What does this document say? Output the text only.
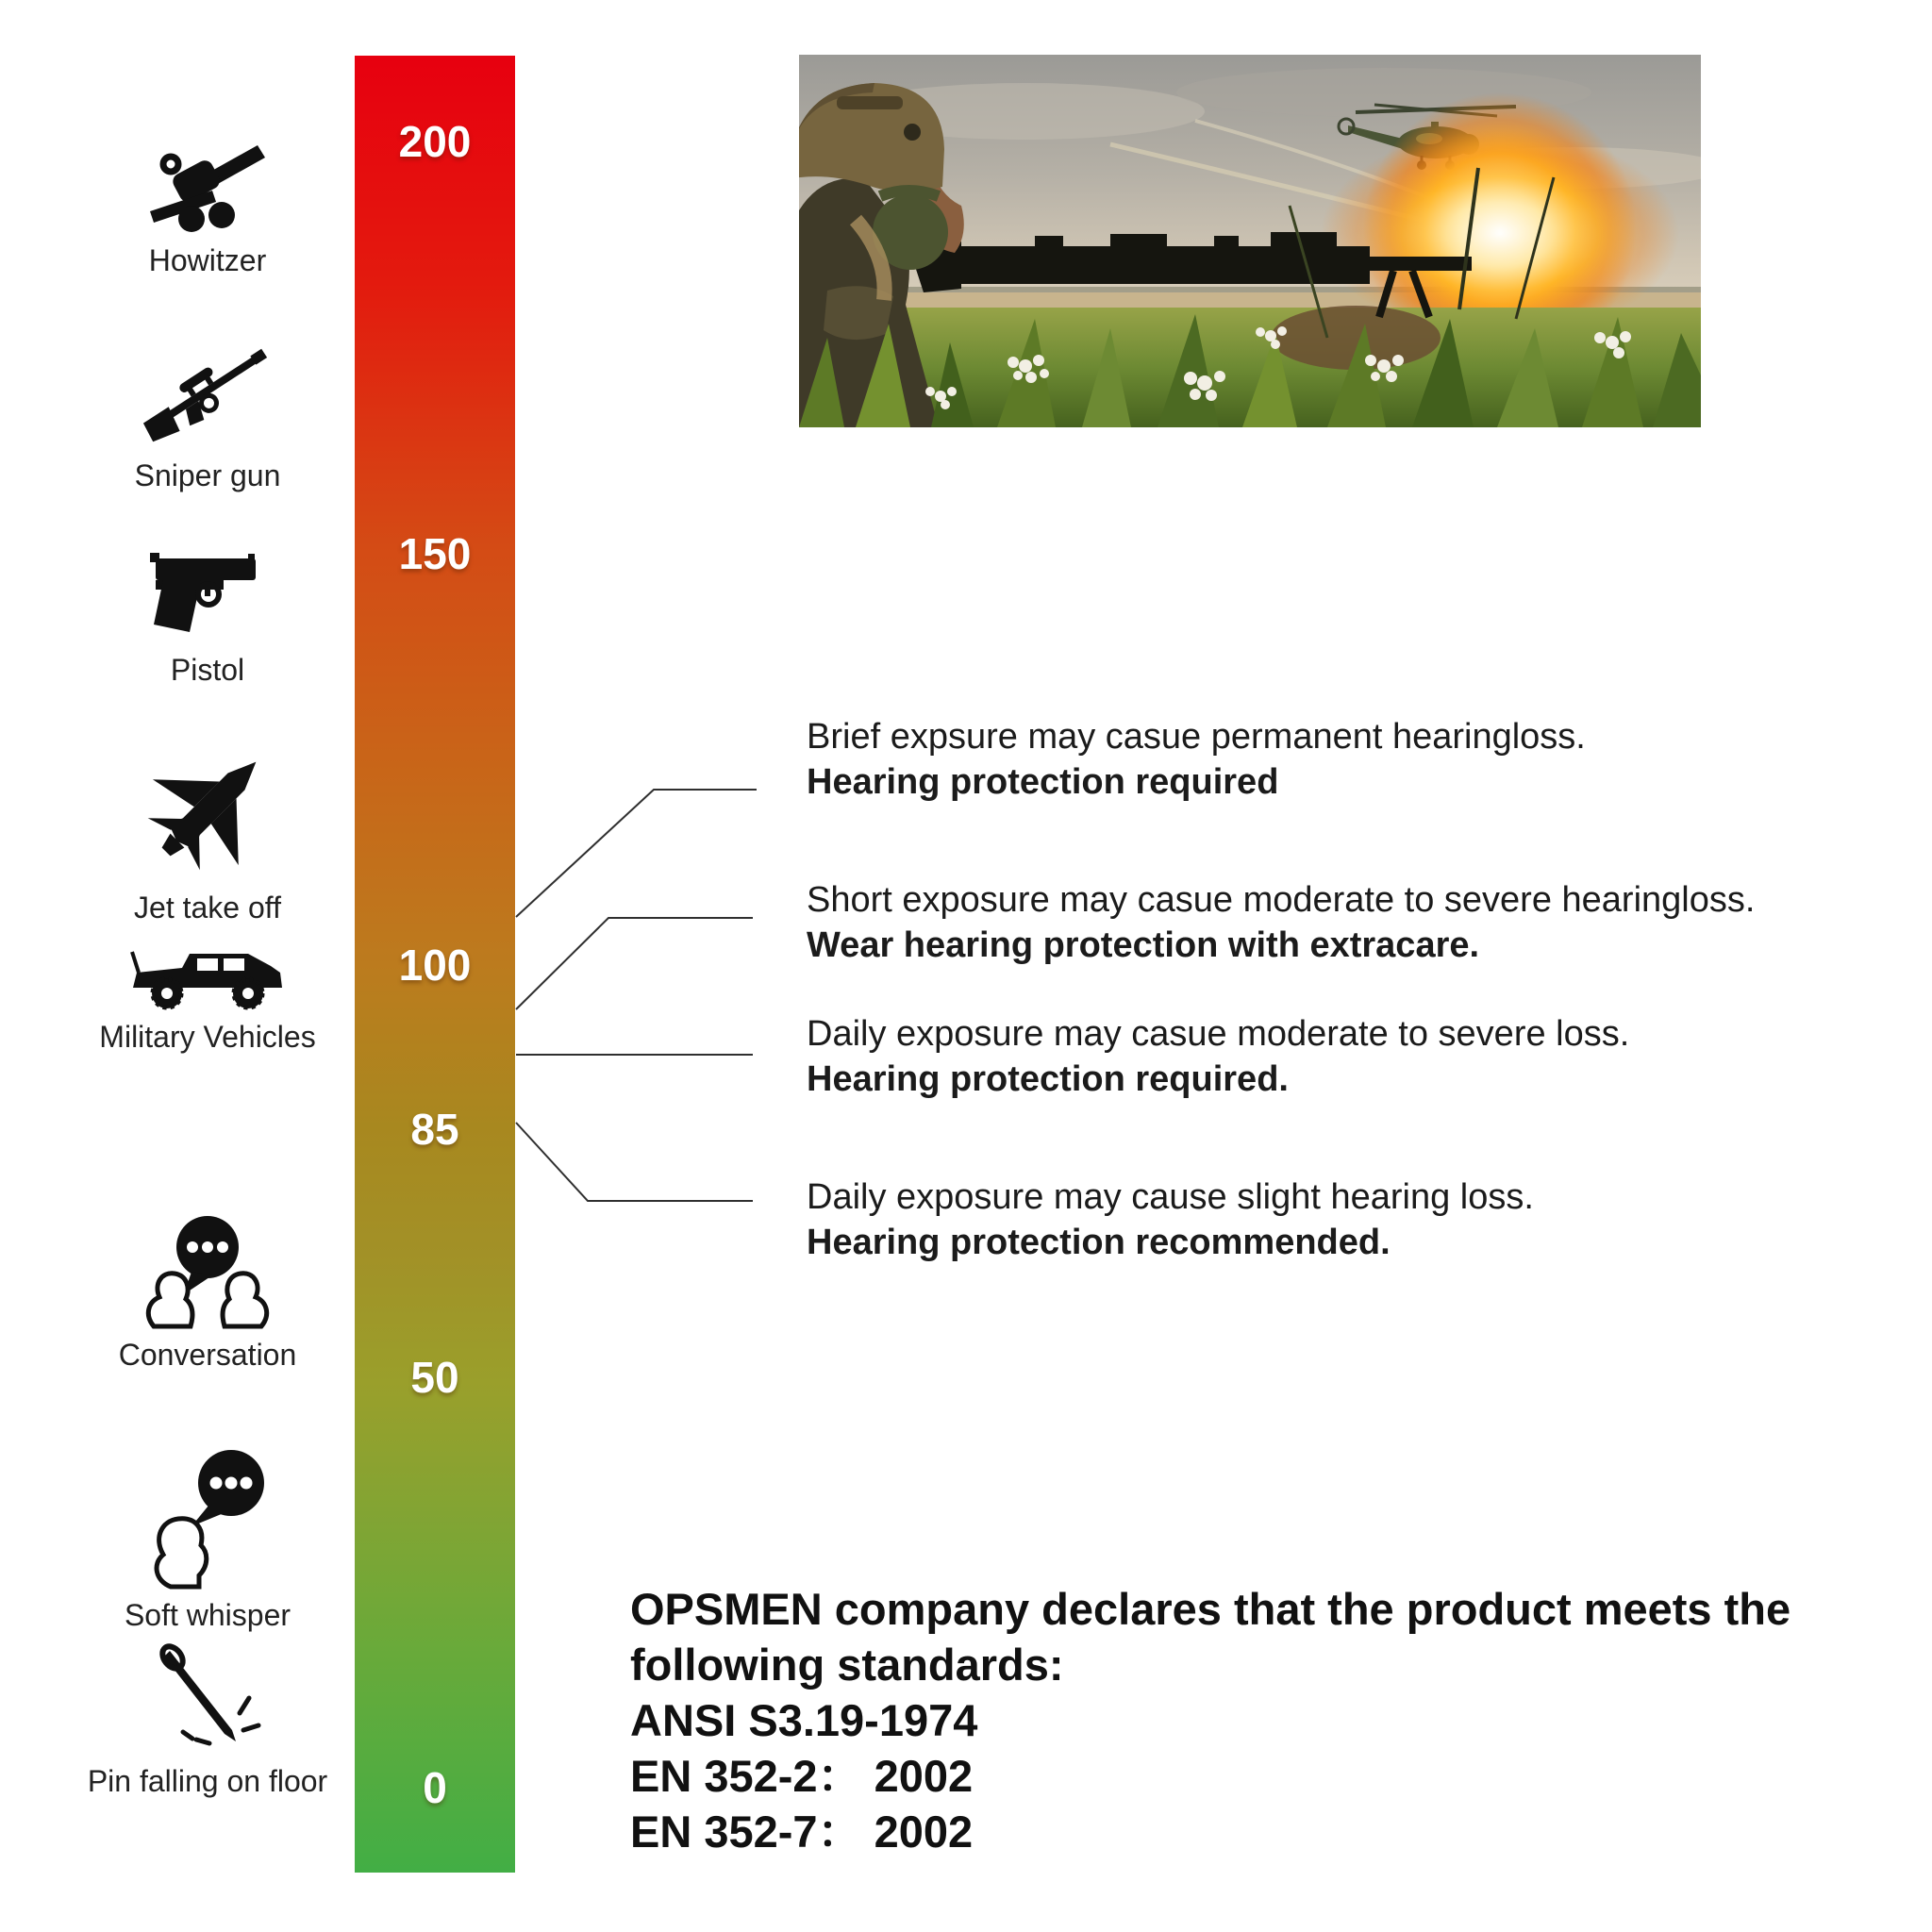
200
150
100
85
50
0
Howitzer
Sniper gun
Pistol
Jet take off
Military Vehicles
Conversation
Soft whisper
Pin falling on floor
Brief expsure may casue permanent hearingloss.
Hearing protection required
Short exposure may casue moderate to severe hearingloss.
Wear hearing protection with extracare.
Daily exposure may casue moderate to severe loss.
Hearing protection required.
Daily exposure may cause slight hearing loss.
Hearing protection recommended.
OPSMEN company declares that the product meets the
following standards:
ANSI S3.19-1974
EN 352-2： 2002
EN 352-7： 2002
